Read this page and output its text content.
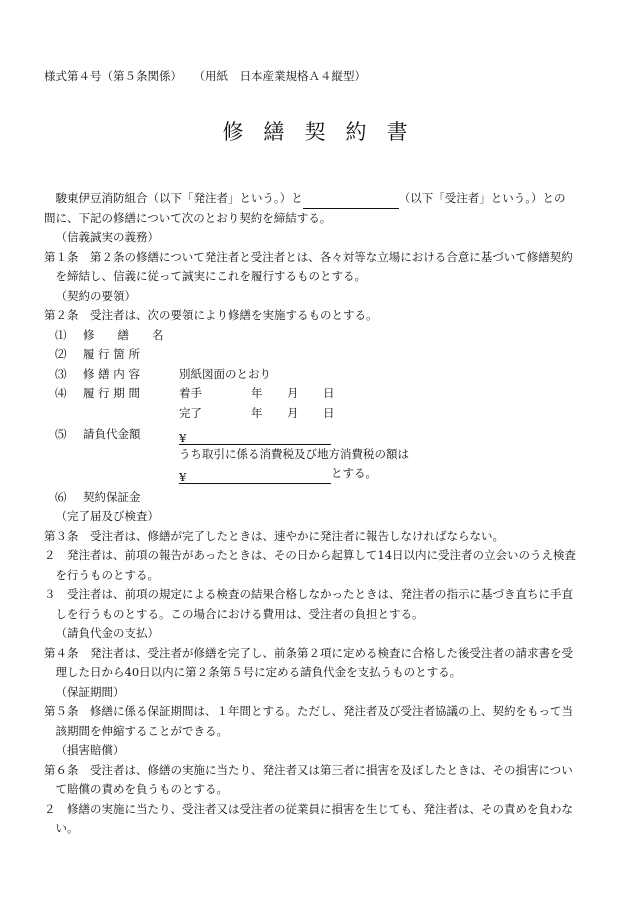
様式第４号（第５条関係）　　 （用紙　日本産業規格Ａ４縦型）
修繕契約書

駿東伊豆消防組合（以下「発注者」という。）と	（以下「受注者」という。）との

間に、下記の修繕について次のとおり契約を締結する。

（信義誠実の義務）

第１条　第２条の修繕について発注者と受注者とは、各々対等な立場における合意に基づいて修繕契約

を締結し、信義に従って誠実にこれを履行するものとする。

（契約の要領）

第２条　受注者は、次の要領により修繕を実施するものとする。

⑴	修　　繕　　名
⑵	履 行 箇 所
⑶	修 繕 内 容	別紙図面のとおり
⑷	履 行 期 間	着手	年	月	日
完了	年	月	日
⑸	請負代金額	¥
うち取引に係る消費税及び地方消費税の額は
¥	とする。
⑹	契約保証金

（完了届及び検査）

第３条　受注者は、修繕が完了したときは、速やかに発注者に報告しなければならない。

２　発注者は、前項の報告があったときは、その日から起算して14日以内に受注者の立会いのうえ検査

を行うものとする。

３　受注者は、前項の規定による検査の結果合格しなかったときは、発注者の指示に基づき直ちに手直

しを行うものとする。この場合における費用は、受注者の負担とする。

（請負代金の支払）

第４条　発注者は、受注者が修繕を完了し、前条第２項に定める検査に合格した後受注者の請求書を受

理した日から40日以内に第２条第５号に定める請負代金を支払うものとする。

（保証期間）

第５条　修繕に係る保証期間は、１年間とする。ただし、発注者及び受注者協議の上、契約をもって当

該期間を伸縮することができる。

（損害賠償）

第６条　受注者は、修繕の実施に当たり、発注者又は第三者に損害を及ぼしたときは、その損害につい

て賠償の責めを負うものとする。

２　修繕の実施に当たり、受注者又は受注者の従業員に損害を生じても、発注者は、その責めを負わな

い。
